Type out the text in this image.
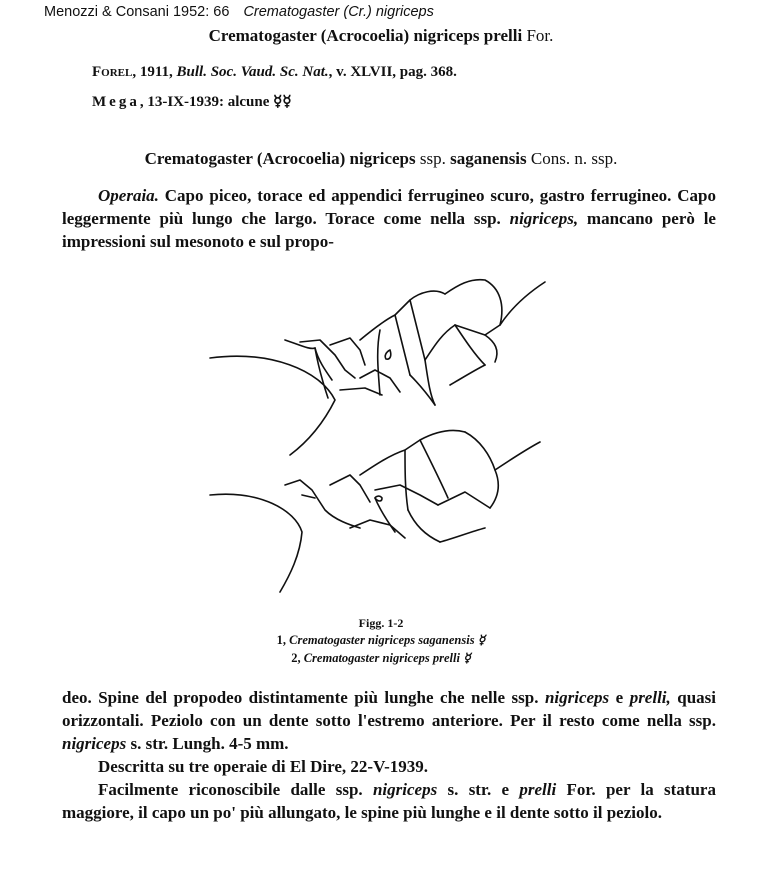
Menozzi & Consani 1952: 66 Crematogaster (Cr.) nigriceps
Crematogaster (Acrocoelia) nigriceps prelli For.
Forel, 1911, Bull. Soc. Vaud. Sc. Nat., v. XLVII, pag. 368.
Mega, 13-IX-1939: alcune ☿☿
Crematogaster (Acrocoelia) nigriceps ssp. saganensis Cons. n. ssp.

Operaia. Capo piceo, torace ed appendici ferrugineo scuro, gastro ferrugineo. Capo leggermente più lungo che largo. Torace come nella ssp. nigriceps, mancano però le impressioni sul mesonoto e sul propo-

Figg. 1-2
1, Crematogaster nigriceps saganensis ☿
2, Crematogaster nigriceps prelli ☿

deo. Spine del propodeo distintamente più lunghe che nelle ssp. nigriceps e prelli, quasi orizzontali. Peziolo con un dente sotto l'estremo anteriore. Per il resto come nella ssp. nigriceps s. str. Lungh. 4-5 mm.

Descritta su tre operaie di El Dire, 22-V-1939.

Facilmente riconoscibile dalle ssp. nigriceps s. str. e prelli For. per la statura maggiore, il capo un po' più allungato, le spine più lunghe e il dente sotto il peziolo.
